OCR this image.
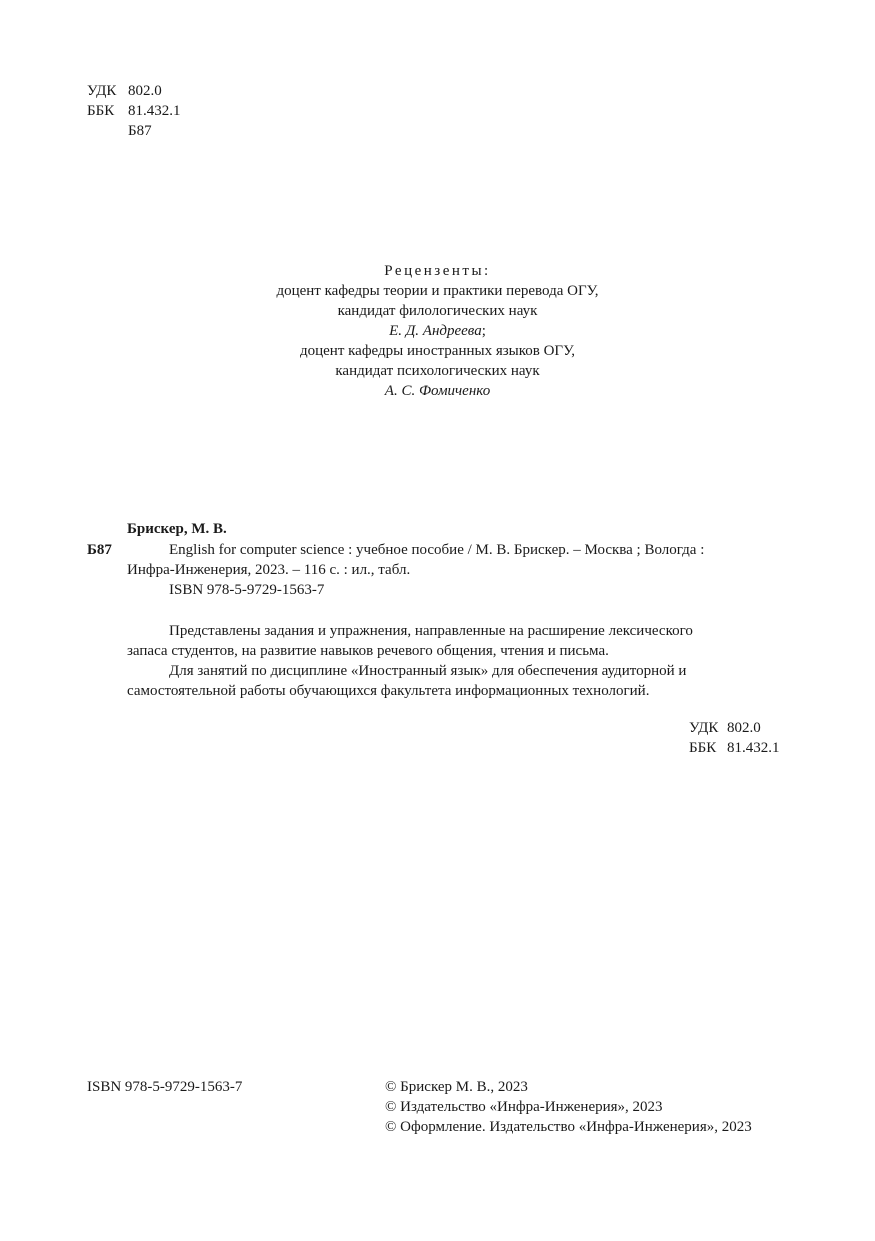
УДК 802.0
ББК 81.432.1
Б87
Рецензенты:
доцент кафедры теории и практики перевода ОГУ,
кандидат филологических наук
Е. Д. Андреева;
доцент кафедры иностранных языков ОГУ,
кандидат психологических наук
А. С. Фомиченко
Брискер, М. В.
Б87	English for computer science : учебное пособие / М. В. Брискер. – Москва ; Вологда :
Инфра-Инженерия, 2023. – 116 с. : ил., табл.
ISBN 978-5-9729-1563-7
Представлены задания и упражнения, направленные на расширение лексического
запаса студентов, на развитие навыков речевого общения, чтения и письма.
Для занятий по дисциплине «Иностранный язык» для обеспечения аудиторной и
самостоятельной работы обучающихся факультета информационных технологий.
УДК 802.0
ББК 81.432.1
ISBN 978-5-9729-1563-7	© Брискер М. В., 2023
© Издательство «Инфра-Инженерия», 2023
© Оформление. Издательство «Инфра-Инженерия», 2023
